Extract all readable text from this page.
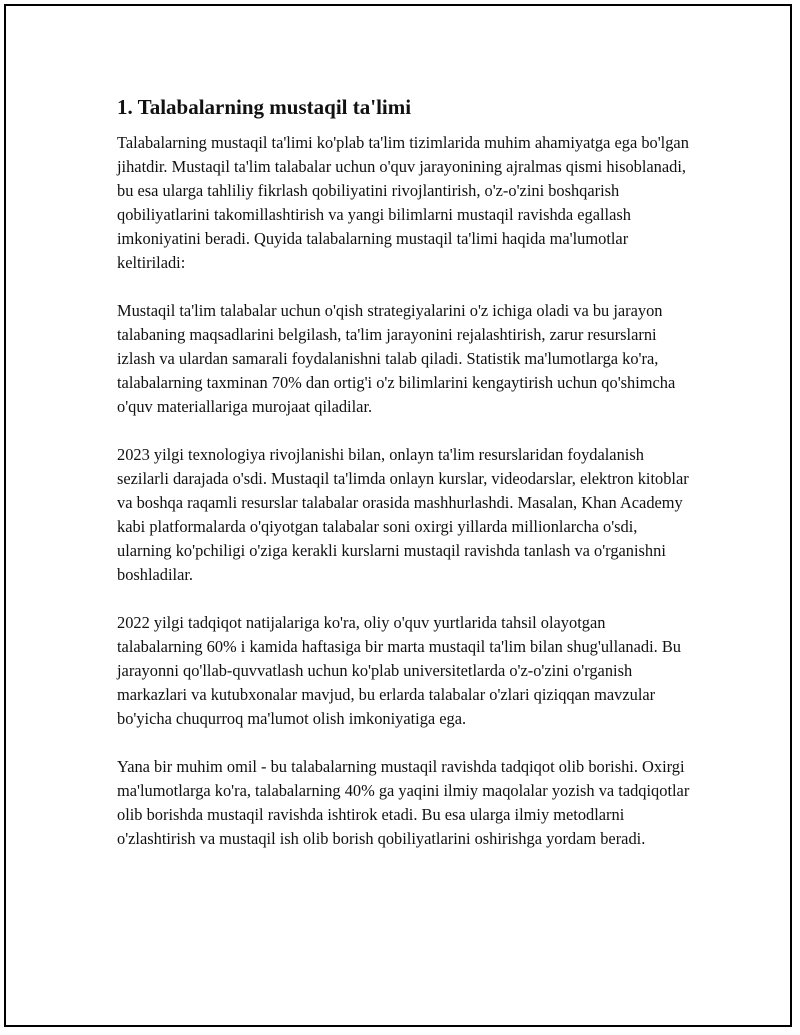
1. Talabalarning mustaqil ta'limi

Talabalarning mustaqil ta'limi ko'plab ta'lim tizimlarida muhim ahamiyatga ega bo'lgan jihatdir. Mustaqil ta'lim talabalar uchun o'quv jarayonining ajralmas qismi hisoblanadi, bu esa ularga tahliliy fikrlash qobiliyatini rivojlantirish, o'z-o'zini boshqarish qobiliyatlarini takomillashtirish va yangi bilimlarni mustaqil ravishda egallash imkoniyatini beradi. Quyida talabalarning mustaqil ta'limi haqida ma'lumotlar keltiriladi:

Mustaqil ta'lim talabalar uchun o'qish strategiyalarini o'z ichiga oladi va bu jarayon talabaning maqsadlarini belgilash, ta'lim jarayonini rejalashtirish, zarur resurslarni izlash va ulardan samarali foydalanishni talab qiladi. Statistik ma'lumotlarga ko'ra, talabalarning taxminan 70% dan ortig'i o'z bilimlarini kengaytirish uchun qo'shimcha o'quv materiallariga murojaat qiladilar.

2023 yilgi texnologiya rivojlanishi bilan, onlayn ta'lim resurslaridan foydalanish sezilarli darajada o'sdi. Mustaqil ta'limda onlayn kurslar, videodarslar, elektron kitoblar va boshqa raqamli resurslar talabalar orasida mashhurlashdi. Masalan, Khan Academy kabi platformalarda o'qiyotgan talabalar soni oxirgi yillarda millionlarcha o'sdi, ularning ko'pchiligi o'ziga kerakli kurslarni mustaqil ravishda tanlash va o'rganishni boshladilar.

2022 yilgi tadqiqot natijalariga ko'ra, oliy o'quv yurtlarida tahsil olayotgan talabalarning 60% i kamida haftasiga bir marta mustaqil ta'lim bilan shug'ullanadi. Bu jarayonni qo'llab-quvvatlash uchun ko'plab universitetlarda o'z-o'zini o'rganish markazlari va kutubxonalar mavjud, bu erlarda talabalar o'zlari qiziqqan mavzular bo'yicha chuqurroq ma'lumot olish imkoniyatiga ega.

Yana bir muhim omil - bu talabalarning mustaqil ravishda tadqiqot olib borishi. Oxirgi ma'lumotlarga ko'ra, talabalarning 40% ga yaqini ilmiy maqolalar yozish va tadqiqotlar olib borishda mustaqil ravishda ishtirok etadi. Bu esa ularga ilmiy metodlarni o'zlashtirish va mustaqil ish olib borish qobiliyatlarini oshirishga yordam beradi.
